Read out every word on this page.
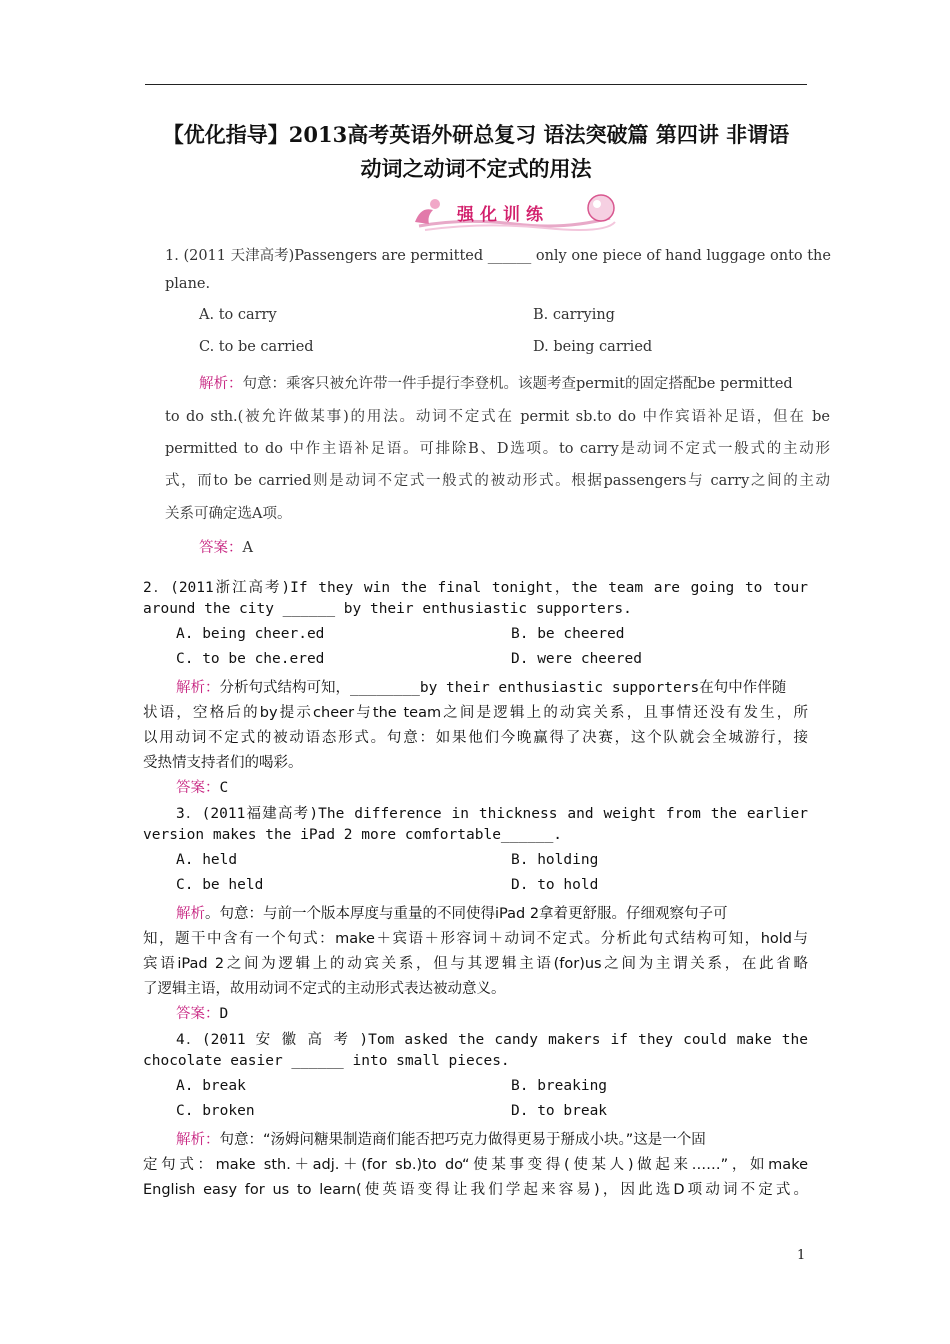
【优化指导】2013高考英语外研总复习 语法突破篇 第四讲 非谓语
动词之动词不定式的用法
强化训练
1. (2011 天津高考)Passengers are permitted ______ only one piece of hand luggage onto the
plane.
A. to carry	B. carrying
C. to be carried	D. being carried
解析：句意：乘客只被允许带一件手提行李登机。该题考查permit的固定搭配be permitted
to do sth.(被允许做某事)的用法。动词不定式在 permit sb.to do 中作宾语补足语，但在 be
permitted to do 中作主语补足语。可排除B、D选项。to carry是动词不定式一般式的主动形
式，而to be carried则是动词不定式一般式的被动形式。根据passengers与 carry之间的主动
关系可确定选A项。
答案：A
2．(2011浙江高考)If they win the final tonight，the team are going to tour
around the city ______ by their enthusiastic supporters.
A. being cheer.ed	B. be cheered
C. to be che.ered	D. were cheered
解析：分析句式结构可知，________by their enthusiastic supporters在句中作伴随
状语，空格后的by提示cheer与the team之间是逻辑上的动宾关系，且事情还没有发生，所
以用动词不定式的被动语态形式。句意：如果他们今晚赢得了决赛，这个队就会全城游行，接
受热情支持者们的喝彩。
答案：C
3．(2011福建高考)The difference in thickness and weight from the earlier
version makes the iPad 2 more comfortable______.
A. held	B. holding
C. be held	D. to hold
解析。句意：与前一个版本厚度与重量的不同使得iPad 2拿着更舒服。仔细观察句子可
知，题干中含有一个句式：make＋宾语＋形容词＋动词不定式。分析此句式结构可知，hold与
宾语iPad 2之间为逻辑上的动宾关系，但与其逻辑主语(for)us之间为主谓关系，在此省略
了逻辑主语，故用动词不定式的主动形式表达被动意义。
答案：D
4．(2011 安 徽 高 考 )Tom asked the candy makers if they could make the
chocolate easier ______ into small pieces.
A. break	B. breaking
C. broken	D. to break
解析：句意：“汤姆问糖果制造商们能否把巧克力做得更易于掰成小块。”这是一个固
定句式：make sth.＋adj.＋(for sb.)to do“使某事变得(使某人)做起来……”，如make
English easy for us to learn(使英语变得让我们学起来容易)，因此选D项动词不定式。
1
